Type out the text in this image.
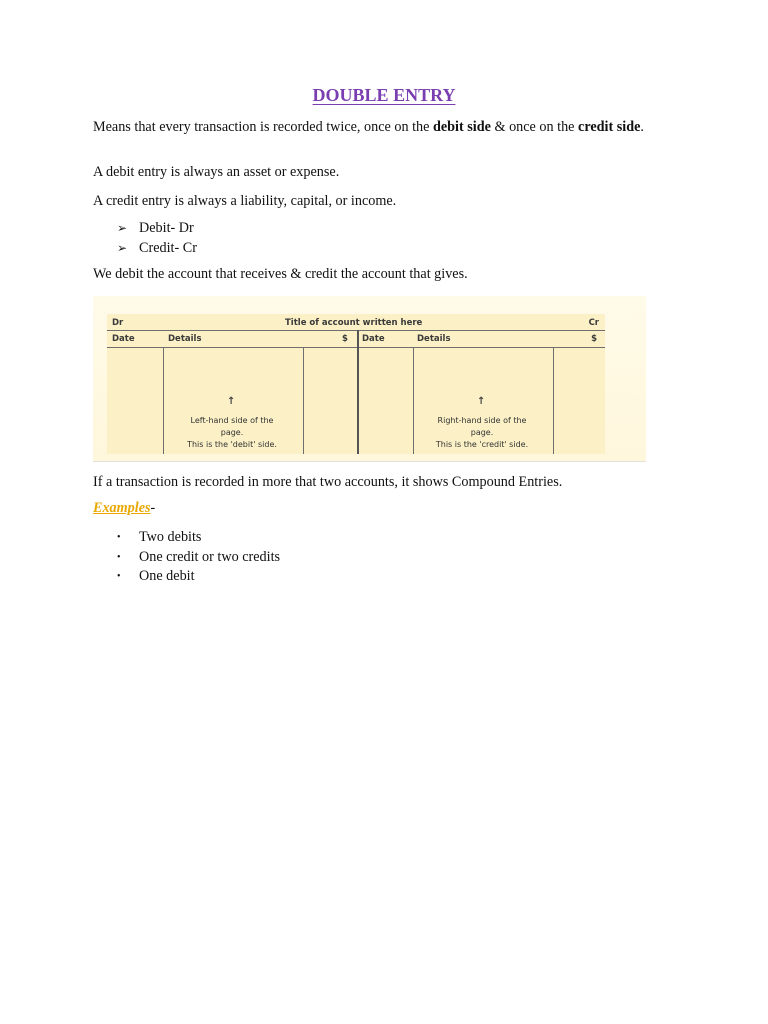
DOUBLE ENTRY

Means that every transaction is recorded twice, once on the debit side & once on the credit side.

A debit entry is always an asset or expense.

A credit entry is always a liability, capital, or income.

➢ Debit- Dr
➢ Credit- Cr

We debit the account that receives & credit the account that gives.

Dr	Title of account written here	Cr
Date	Details	$ Date	Details	$
↑
Left-hand side of the
page.
This is the 'debit' side.
↑
Right-hand side of the
page.
This is the 'credit' side.

If a transaction is recorded in more that two accounts, it shows Compound Entries.

Examples-

•	Two debits
•	One credit or two credits
•	One debit
